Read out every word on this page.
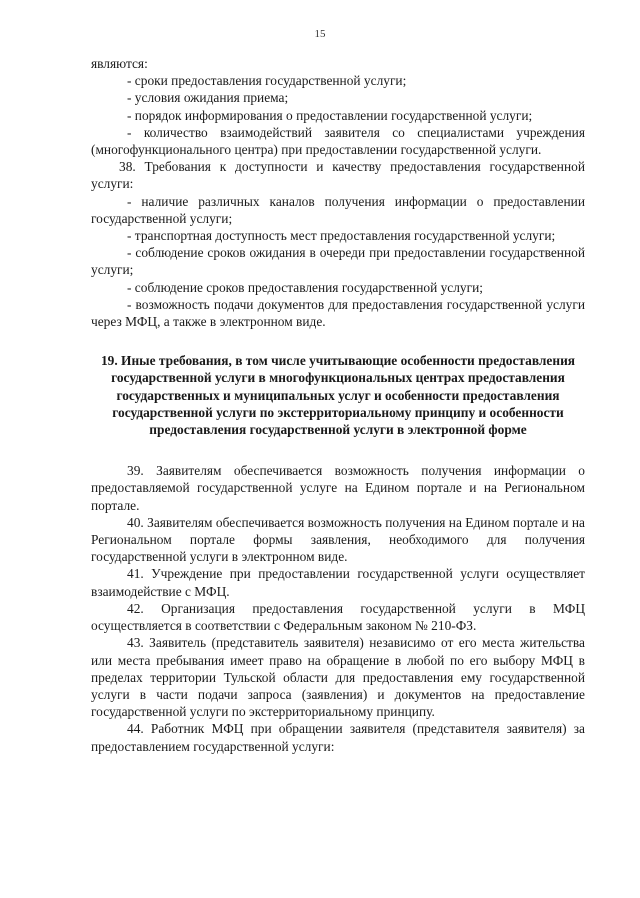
15

являются:

- сроки предоставления государственной услуги;

- условия ожидания приема;

- порядок информирования о предоставлении государственной услуги;

- количество взаимодействий заявителя со специалистами учреждения (многофункционального центра) при предоставлении государственной услуги.

38. Требования к доступности и качеству предоставления государственной услуги:

- наличие различных каналов получения информации о предоставлении государственной услуги;

- транспортная доступность мест предоставления государственной услуги;

- соблюдение сроков ожидания в очереди при предоставлении государственной услуги;

- соблюдение сроков предоставления государственной услуги;

- возможность подачи документов для предоставления государственной услуги через МФЦ, а также в электронном виде.

19. Иные требования, в том числе учитывающие особенности предоставления государственной услуги в многофункциональных центрах предоставления государственных и муниципальных услуг и особенности предоставления государственной услуги по экстерриториальному принципу и особенности предоставления государственной услуги в электронной форме

39. Заявителям обеспечивается возможность получения информации о предоставляемой государственной услуге на Едином портале и на Региональном портале.

40. Заявителям обеспечивается возможность получения на Едином портале и на Региональном портале формы заявления, необходимого для получения государственной услуги в электронном виде.

41. Учреждение при предоставлении государственной услуги осуществляет взаимодействие с МФЦ.

42. Организация предоставления государственной услуги в МФЦ осуществляется в соответствии с Федеральным законом № 210-ФЗ.

43. Заявитель (представитель заявителя) независимо от его места жительства или места пребывания имеет право на обращение в любой по его выбору МФЦ в пределах территории Тульской области для предоставления ему государственной услуги в части подачи запроса (заявления) и документов на предоставление государственной услуги по экстерриториальному принципу.

44. Работник МФЦ при обращении заявителя (представителя заявителя) за предоставлением государственной услуги:
